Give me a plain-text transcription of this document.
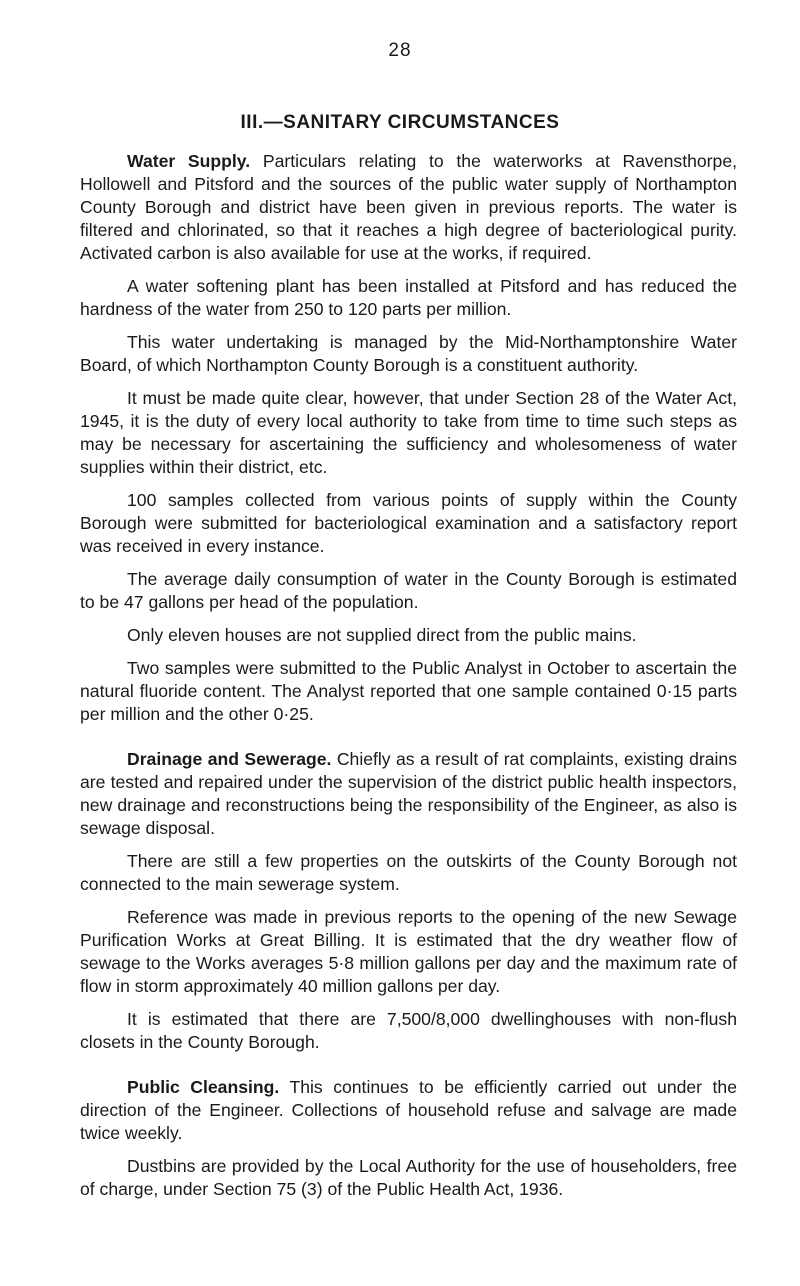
28
III.—SANITARY CIRCUMSTANCES

Water Supply. Particulars relating to the waterworks at Ravensthorpe, Hollowell and Pitsford and the sources of the public water supply of Northampton County Borough and district have been given in previous reports. The water is filtered and chlorinated, so that it reaches a high degree of bacteriological purity. Activated carbon is also available for use at the works, if required.

A water softening plant has been installed at Pitsford and has reduced the hardness of the water from 250 to 120 parts per million.

This water undertaking is managed by the Mid-Northamptonshire Water Board, of which Northampton County Borough is a constituent authority.

It must be made quite clear, however, that under Section 28 of the Water Act, 1945, it is the duty of every local authority to take from time to time such steps as may be necessary for ascertaining the sufficiency and wholesomeness of water supplies within their district, etc.

100 samples collected from various points of supply within the County Borough were submitted for bacteriological examination and a satisfactory report was received in every instance.

The average daily consumption of water in the County Borough is estimated to be 47 gallons per head of the population.

Only eleven houses are not supplied direct from the public mains.

Two samples were submitted to the Public Analyst in October to ascertain the natural fluoride content. The Analyst reported that one sample contained 0·15 parts per million and the other 0·25.

Drainage and Sewerage. Chiefly as a result of rat complaints, existing drains are tested and repaired under the supervision of the district public health inspectors, new drainage and reconstructions being the responsibility of the Engineer, as also is sewage disposal.

There are still a few properties on the outskirts of the County Borough not connected to the main sewerage system.

Reference was made in previous reports to the opening of the new Sewage Purification Works at Great Billing. It is estimated that the dry weather flow of sewage to the Works averages 5·8 million gallons per day and the maximum rate of flow in storm approximately 40 million gallons per day.

It is estimated that there are 7,500/8,000 dwellinghouses with non-flush closets in the County Borough.

Public Cleansing. This continues to be efficiently carried out under the direction of the Engineer. Collections of household refuse and salvage are made twice weekly.

Dustbins are provided by the Local Authority for the use of householders, free of charge, under Section 75 (3) of the Public Health Act, 1936.
